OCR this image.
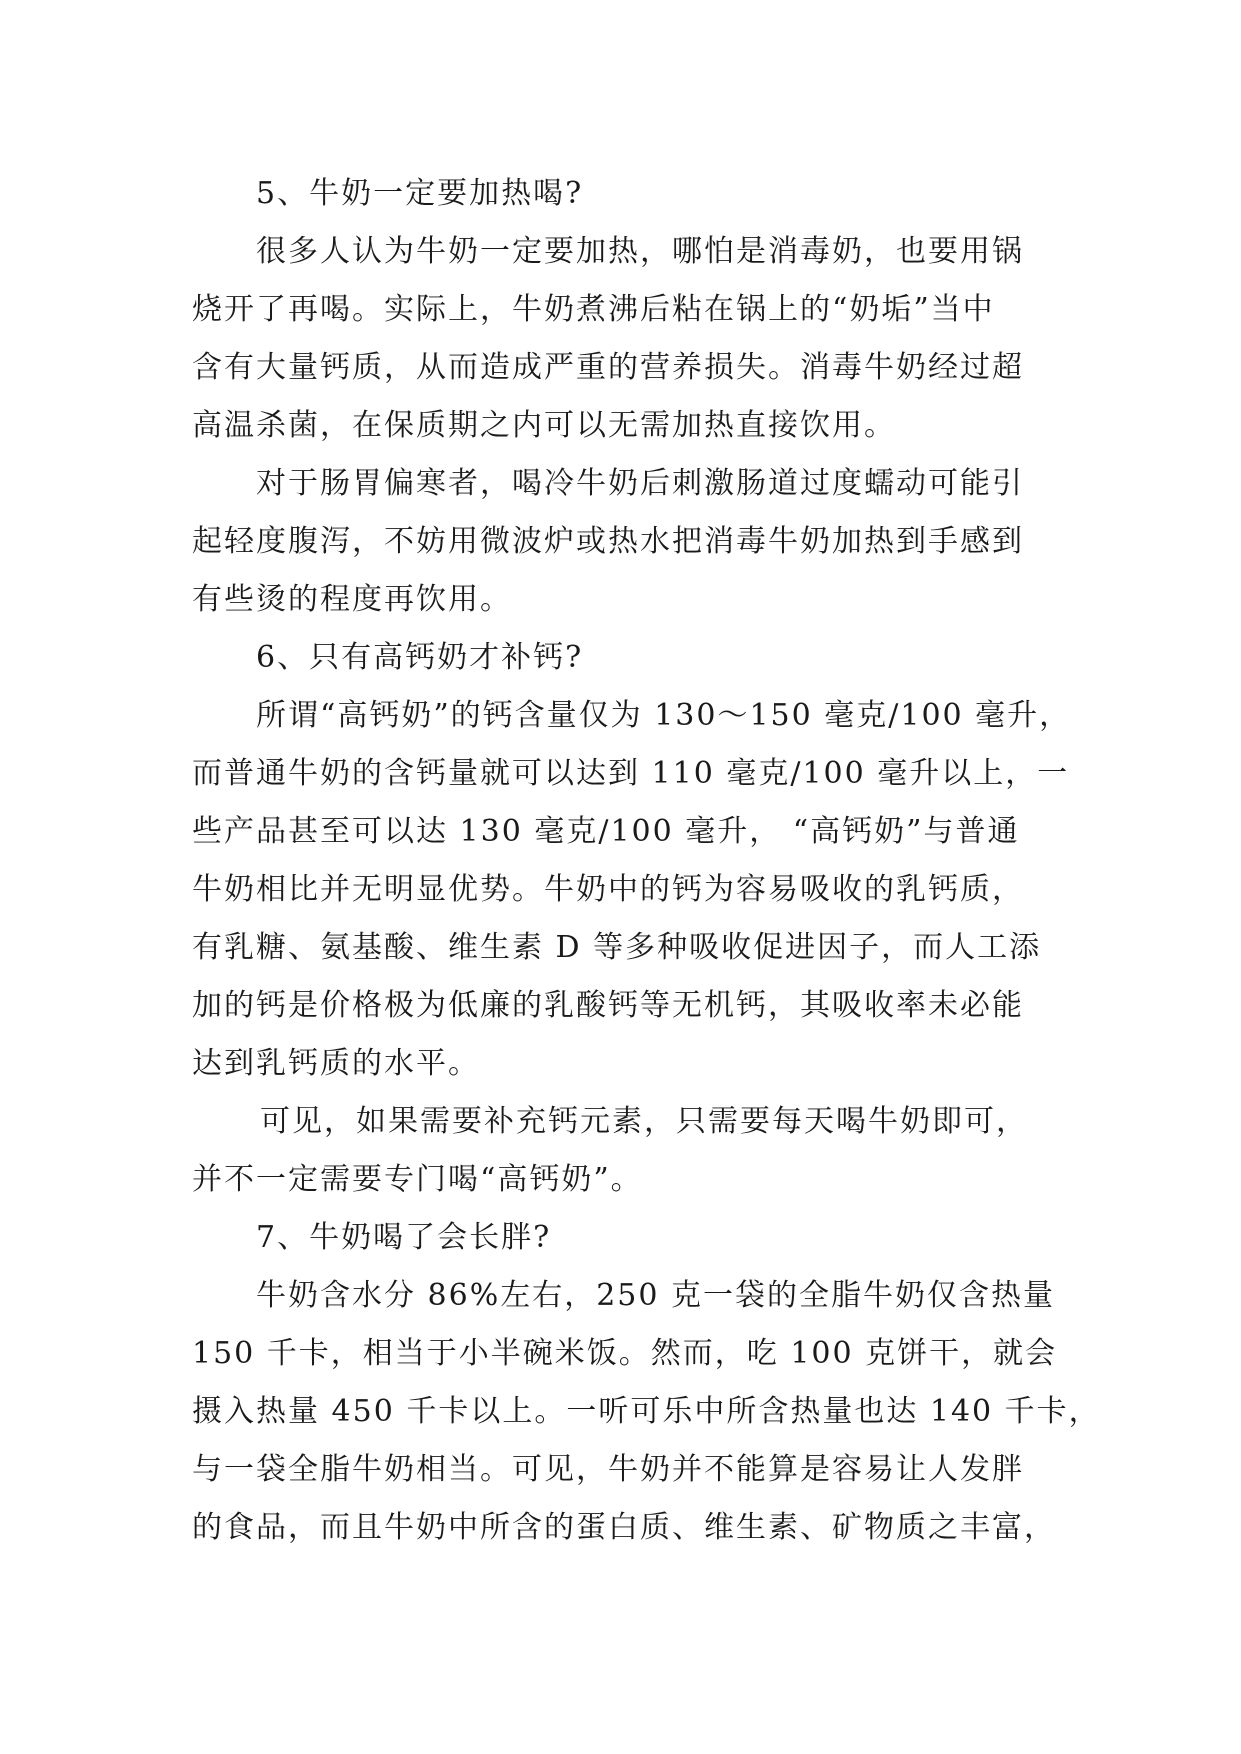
5、牛奶一定要加热喝?
很多人认为牛奶一定要加热，哪怕是消毒奶，也要用锅
烧开了再喝。实际上，牛奶煮沸后粘在锅上的“奶垢”当中
含有大量钙质，从而造成严重的营养损失。消毒牛奶经过超
高温杀菌，在保质期之内可以无需加热直接饮用。
对于肠胃偏寒者，喝冷牛奶后刺激肠道过度蠕动可能引
起轻度腹泻，不妨用微波炉或热水把消毒牛奶加热到手感到
有些烫的程度再饮用。
6、只有高钙奶才补钙?
所谓“高钙奶”的钙含量仅为 130～150 毫克/100 毫升，
而普通牛奶的含钙量就可以达到 110 毫克/100 毫升以上，一
些产品甚至可以达 130 毫克/100 毫升， “高钙奶”与普通
牛奶相比并无明显优势。牛奶中的钙为容易吸收的乳钙质，
有乳糖、氨基酸、维生素 D 等多种吸收促进因子，而人工添
加的钙是价格极为低廉的乳酸钙等无机钙，其吸收率未必能
达到乳钙质的水平。
可见，如果需要补充钙元素，只需要每天喝牛奶即可，
并不一定需要专门喝“高钙奶”。
7、牛奶喝了会长胖?
牛奶含水分 86%左右，250 克一袋的全脂牛奶仅含热量
150 千卡，相当于小半碗米饭。然而，吃 100 克饼干，就会
摄入热量 450 千卡以上。一听可乐中所含热量也达 140 千卡，
与一袋全脂牛奶相当。可见，牛奶并不能算是容易让人发胖
的食品，而且牛奶中所含的蛋白质、维生素、矿物质之丰富，
